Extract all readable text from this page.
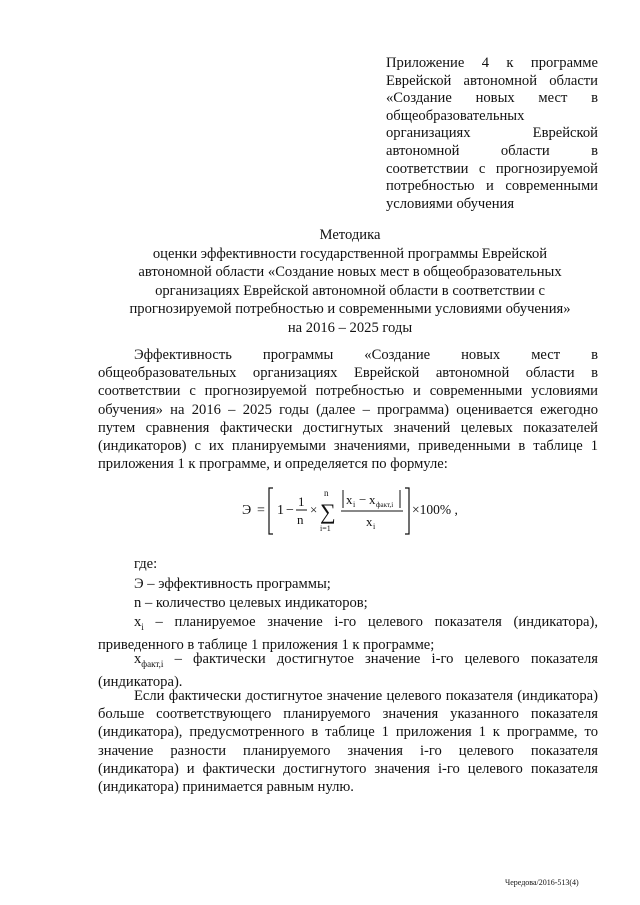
Приложение 4 к программе
Еврейской автономной области
«Создание новых мест в
общеобразовательных
организациях Еврейской
автономной области в
соответствии с прогнозируемой
потребностью и современными
условиями обучения
Методика
оценки эффективности государственной программы Еврейской
автономной области «Создание новых мест в общеобразовательных
организациях Еврейской автономной области в соответствии с
прогнозируемой потребностью и современными условиями обучения»
на 2016 – 2025 годы
Эффективность программы «Создание новых мест в общеобразовательных организациях Еврейской автономной области в соответствии с прогнозируемой потребностью и современными условиями обучения» на 2016 – 2025 годы (далее – программа) оценивается ежегодно путем сравнения фактически достигнутых значений целевых показателей (индикаторов) с их планируемыми значениями, приведенными в таблице 1 приложения 1 к программе, и определяется по формуле:
Э = 1 −
1
n
×
n
∑
i=1
x i − x факт,i
x i
×100% ,
где:
Э – эффективность программы;
n – количество целевых индикаторов;
$x_i$ – планируемое значение i-го целевого показателя (индикатора), приведенного в таблице 1 приложения 1 к программе;
$x_{факт,i}$ – фактически достигнутое значение i-го целевого показателя (индикатора).
Если фактически достигнутое значение целевого показателя (индикатора) больше соответствующего планируемого значения указанного показателя (индикатора), предусмотренного в таблице 1 приложения 1 к программе, то значение разности планируемого значения i-го целевого показателя (индикатора) и фактически достигнутого значения i-го целевого показателя (индикатора) принимается равным нулю.
Чередова/2016-513(4)
